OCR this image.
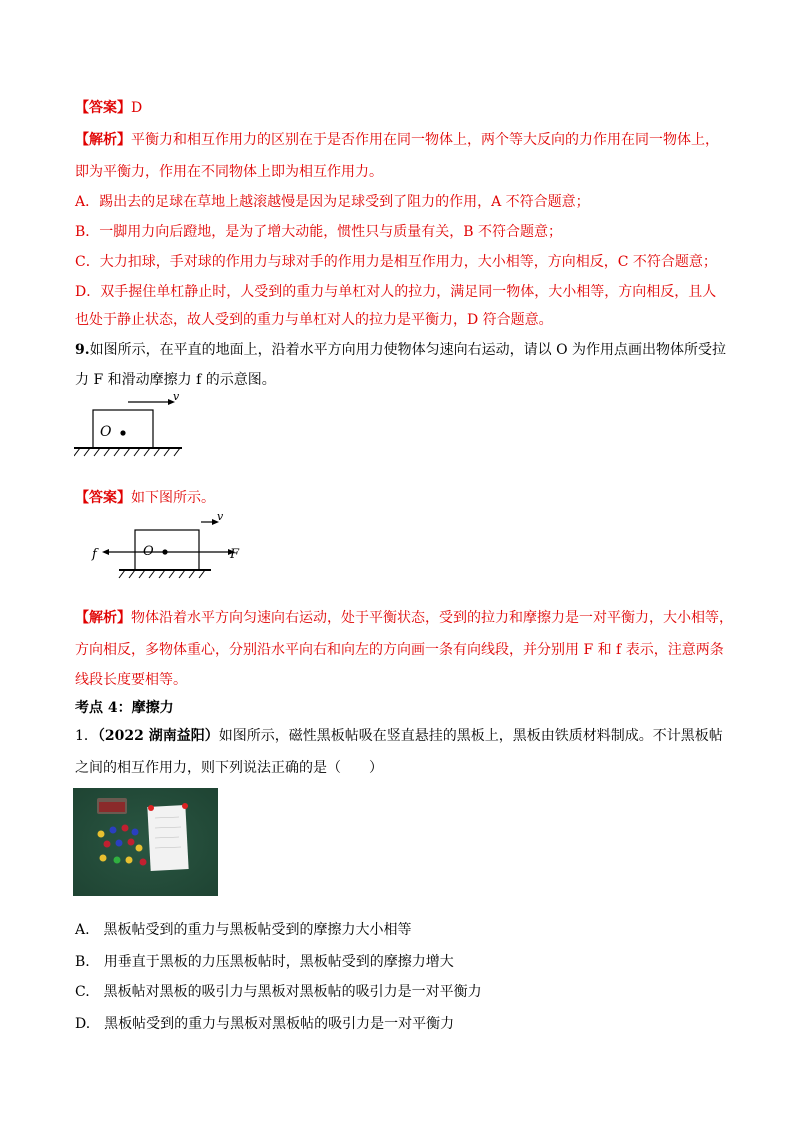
【答案】D
【解析】平衡力和相互作用力的区别在于是否作用在同一物体上，两个等大反向的力作用在同一物体上，
即为平衡力，作用在不同物体上即为相互作用力。
A．踢出去的足球在草地上越滚越慢是因为足球受到了阻力的作用，A 不符合题意；
B．一脚用力向后蹬地，是为了增大动能，惯性只与质量有关，B 不符合题意；
C．大力扣球，手对球的作用力与球对手的作用力是相互作用力，大小相等，方向相反，C 不符合题意；
D．双手握住单杠静止时，人受到的重力与单杠对人的拉力，满足同一物体，大小相等，方向相反，且人
也处于静止状态，故人受到的重力与单杠对人的拉力是平衡力，D 符合题意。
9.如图所示，在平直的地面上，沿着水平方向用力使物体匀速向右运动，请以 O 为作用点画出物体所受拉
力 F 和滑动摩擦力 f 的示意图。
v
O
【答案】如下图所示。
v
O	F
f
【解析】物体沿着水平方向匀速向右运动，处于平衡状态，受到的拉力和摩擦力是一对平衡力，大小相等，
方向相反，多物体重心，分别沿水平向右和向左的方向画一条有向线段，并分别用 F 和 f 表示，注意两条
线段长度要相等。
考点 4：摩擦力
1．（2022 湖南益阳）如图所示，磁性黑板帖吸在竖直悬挂的黑板上，黑板由铁质材料制成。不计黑板帖
之间的相互作用力，则下列说法正确的是（　　）
A.　黑板帖受到的重力与黑板帖受到的摩擦力大小相等
B.　用垂直于黑板的力压黑板帖时，黑板帖受到的摩擦力增大
C.　黑板帖对黑板的吸引力与黑板对黑板帖的吸引力是一对平衡力
D.　黑板帖受到的重力与黑板对黑板帖的吸引力是一对平衡力
